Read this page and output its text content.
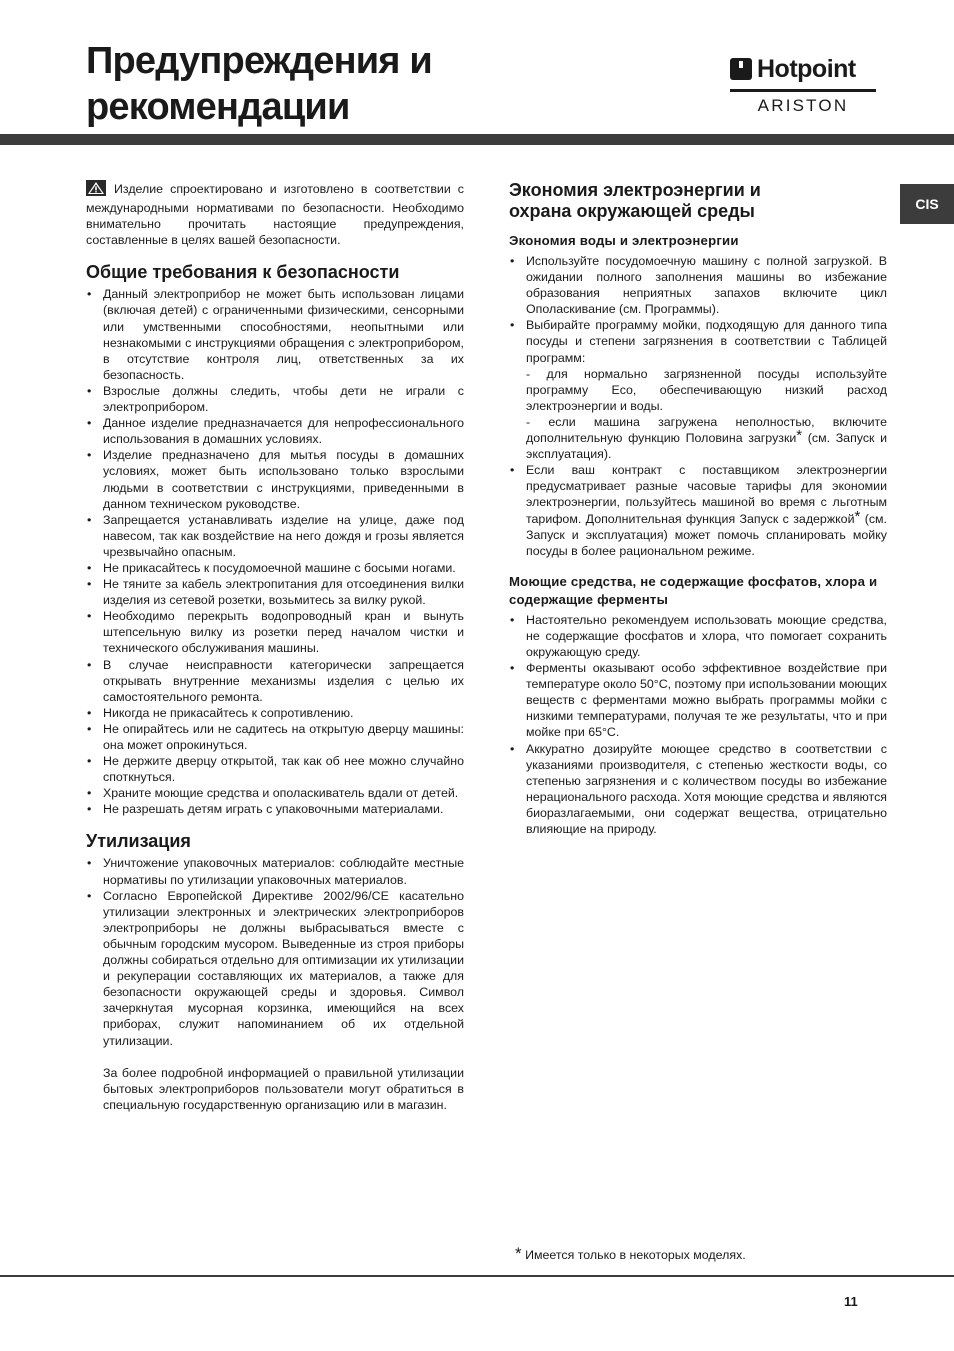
Предупреждения и
рекомендации
Hotpoint
ARISTON
CIS

Изделие спроектировано и изготовлено в соответствии с международными нормативами по безопасности. Необходимо внимательно прочитать настоящие предупреждения, составленные в целях вашей безопасности.

Общие требования к безопасности
• Данный электроприбор не может быть использован лицами (включая детей) с ограниченными физическими, сенсорными или умственными способностями, неопытными или незнакомыми с инструкциями обращения с электроприбором, в отсутствие контроля лиц, ответственных за их безопасность.
• Взрослые должны следить, чтобы дети не играли с электроприбором.
• Данное изделие предназначается для непрофессионального использования в домашних условиях.
• Изделие предназначено для мытья посуды в домашних условиях, может быть использовано только взрослыми людьми в соответствии с инструкциями, приведенными в данном техническом руководстве.
• Запрещается устанавливать изделие на улице, даже под навесом, так как воздействие на него дождя и грозы является чрезвычайно опасным.
• Не прикасайтесь к посудомоечной машине с босыми ногами.
• Не тяните за кабель электропитания для отсоединения вилки изделия из сетевой розетки, возьмитесь за вилку рукой.
• Необходимо перекрыть водопроводный кран и вынуть штепсельную вилку из розетки перед началом чистки и технического обслуживания машины.
• В случае неисправности категорически запрещается открывать внутренние механизмы изделия с целью их самостоятельного ремонта.
• Никогда не прикасайтесь к сопротивлению.
• Не опирайтесь или не садитесь на открытую дверцу машины: она может опрокинуться.
• Не держите дверцу открытой, так как об нее можно случайно споткнуться.
• Храните моющие средства и ополаскиватель вдали от детей.
• Не разрешать детям играть с упаковочными материалами.
Утилизация
• Уничтожение упаковочных материалов: соблюдайте местные нормативы по утилизации упаковочных материалов.
• Согласно Европейской Директиве 2002/96/CE касательно утилизации электронных и электрических электроприборов электроприборы не должны выбрасываться вместе с обычным городским мусором. Выведенные из строя приборы должны собираться отдельно для оптимизации их утилизации и рекуперации составляющих их материалов, а также для безопасности окружающей среды и здоровья. Символ зачеркнутая мусорная корзинка, имеющийся на всех приборах, служит напоминанием об их отдельной утилизации.

За более подробной информацией о правильной утилизации бытовых электроприборов пользователи могут обратиться в специальную государственную организацию или в магазин.

Экономия электроэнергии и
охрана окружающей среды
Экономия воды и электроэнергии
• Используйте посудомоечную машину с полной загрузкой. В ожидании полного заполнения машины во избежание образования неприятных запахов включите цикл Ополаскивание (см. Программы).
• Выбирайте программу мойки, подходящую для данного типа посуды и степени загрязнения в соответствии с Таблицей программ:
- для нормально загрязненной посуды используйте программу Eco, обеспечивающую низкий расход электроэнергии и воды.
- если машина загружена неполностью, включите дополнительную функцию Половина загрузки* (см. Запуск и эксплуатация).
• Если ваш контракт с поставщиком электроэнергии предусматривает разные часовые тарифы для экономии электроэнергии, пользуйтесь машиной во время с льготным тарифом. Дополнительная функция Запуск с задержкой* (см. Запуск и эксплуатация) может помочь спланировать мойку посуды в более рациональном режиме.
Моющие средства, не содержащие фосфатов, хлора и содержащие ферменты
• Настоятельно рекомендуем использовать моющие средства, не содержащие фосфатов и хлора, что помогает сохранить окружающую среду.
• Ферменты оказывают особо эффективное воздействие при температуре около 50°C, поэтому при использовании моющих веществ с ферментами можно выбрать программы мойки с низкими температурами, получая те же результаты, что и при мойке при 65°C.
• Аккуратно дозируйте моющее средство в соответствии с указаниями производителя, с степенью жесткости воды, со степенью загрязнения и с количеством посуды во избежание нерационального расхода. Хотя моющие средства и являются биоразлагаемыми, они содержат вещества, отрицательно влияющие на природу.
* Имеется только в некоторых моделях.
11
